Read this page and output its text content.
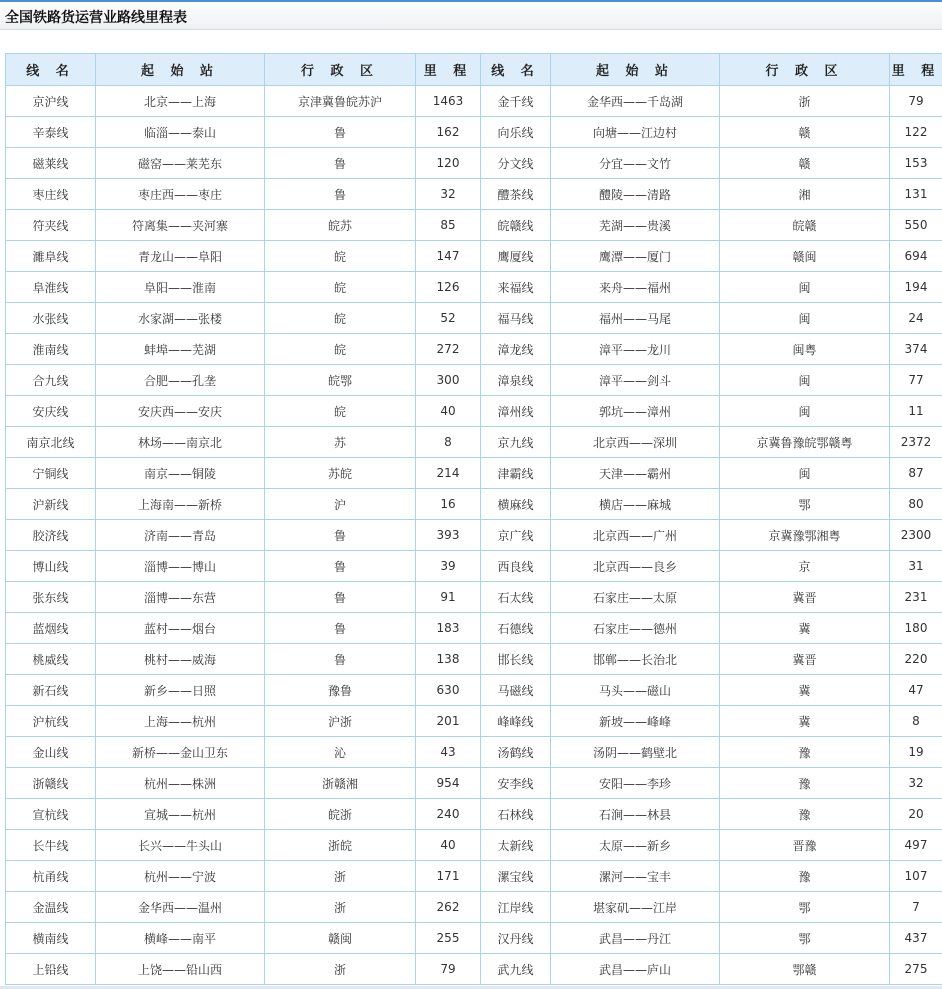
全国铁路货运营业路线里程表
线 名	起 始 站	行 政 区	里 程	线 名	起 始 站	行 政 区	里 程
京沪线	北京——上海	京津冀鲁皖苏沪	1463	金千线	金华西——千岛湖	浙	79
辛泰线	临淄——泰山	鲁	162	向乐线	向塘——江边村	赣	122
磁莱线	磁窑——莱芜东	鲁	120	分文线	分宜——文竹	赣	153
枣庄线	枣庄西——枣庄	鲁	32	醴茶线	醴陵——清路	湘	131
符夹线	符离集——夹河寨	皖苏	85	皖赣线	芜湖——贵溪	皖赣	550
濉阜线	青龙山——阜阳	皖	147	鹰厦线	鹰潭——厦门	赣闽	694
阜淮线	阜阳——淮南	皖	126	来福线	来舟——福州	闽	194
水张线	水家湖——张楼	皖	52	福马线	福州——马尾	闽	24
淮南线	蚌埠——芜湖	皖	272	漳龙线	漳平——龙川	闽粤	374
合九线	合肥——孔垄	皖鄂	300	漳泉线	漳平——剑斗	闽	77
安庆线	安庆西——安庆	皖	40	漳州线	郭坑——漳州	闽	11
南京北线	林场——南京北	苏	8	京九线	北京西——深圳	京冀鲁豫皖鄂赣粤	2372
宁铜线	南京——铜陵	苏皖	214	津霸线	天津——霸州	闽	87
沪新线	上海南——新桥	沪	16	横麻线	横店——麻城	鄂	80
胶济线	济南——青岛	鲁	393	京广线	北京西——广州	京冀豫鄂湘粤	2300
博山线	淄博——博山	鲁	39	西良线	北京西——良乡	京	31
张东线	淄博——东营	鲁	91	石太线	石家庄——太原	冀晋	231
蓝烟线	蓝村——烟台	鲁	183	石德线	石家庄——德州	冀	180
桃威线	桃村——威海	鲁	138	邯长线	邯郸——长治北	冀晋	220
新石线	新乡——日照	豫鲁	630	马磁线	马头——磁山	冀	47
沪杭线	上海——杭州	沪浙	201	峰峰线	新坡——峰峰	冀	8
金山线	新桥——金山卫东	沁	43	汤鹤线	汤阴——鹤壁北	豫	19
浙赣线	杭州——株洲	浙赣湘	954	安李线	安阳——李珍	豫	32
宣杭线	宣城——杭州	皖浙	240	石林线	石涧——林县	豫	20
长牛线	长兴——牛头山	浙皖	40	太新线	太原——新乡	晋豫	497
杭甬线	杭州——宁波	浙	171	漯宝线	漯河——宝丰	豫	107
金温线	金华西——温州	浙	262	江岸线	堪家矶——江岸	鄂	7
横南线	横峰——南平	赣闽	255	汉丹线	武昌——丹江	鄂	437
上铅线	上饶——铅山西	浙	79	武九线	武昌——庐山	鄂赣	275
